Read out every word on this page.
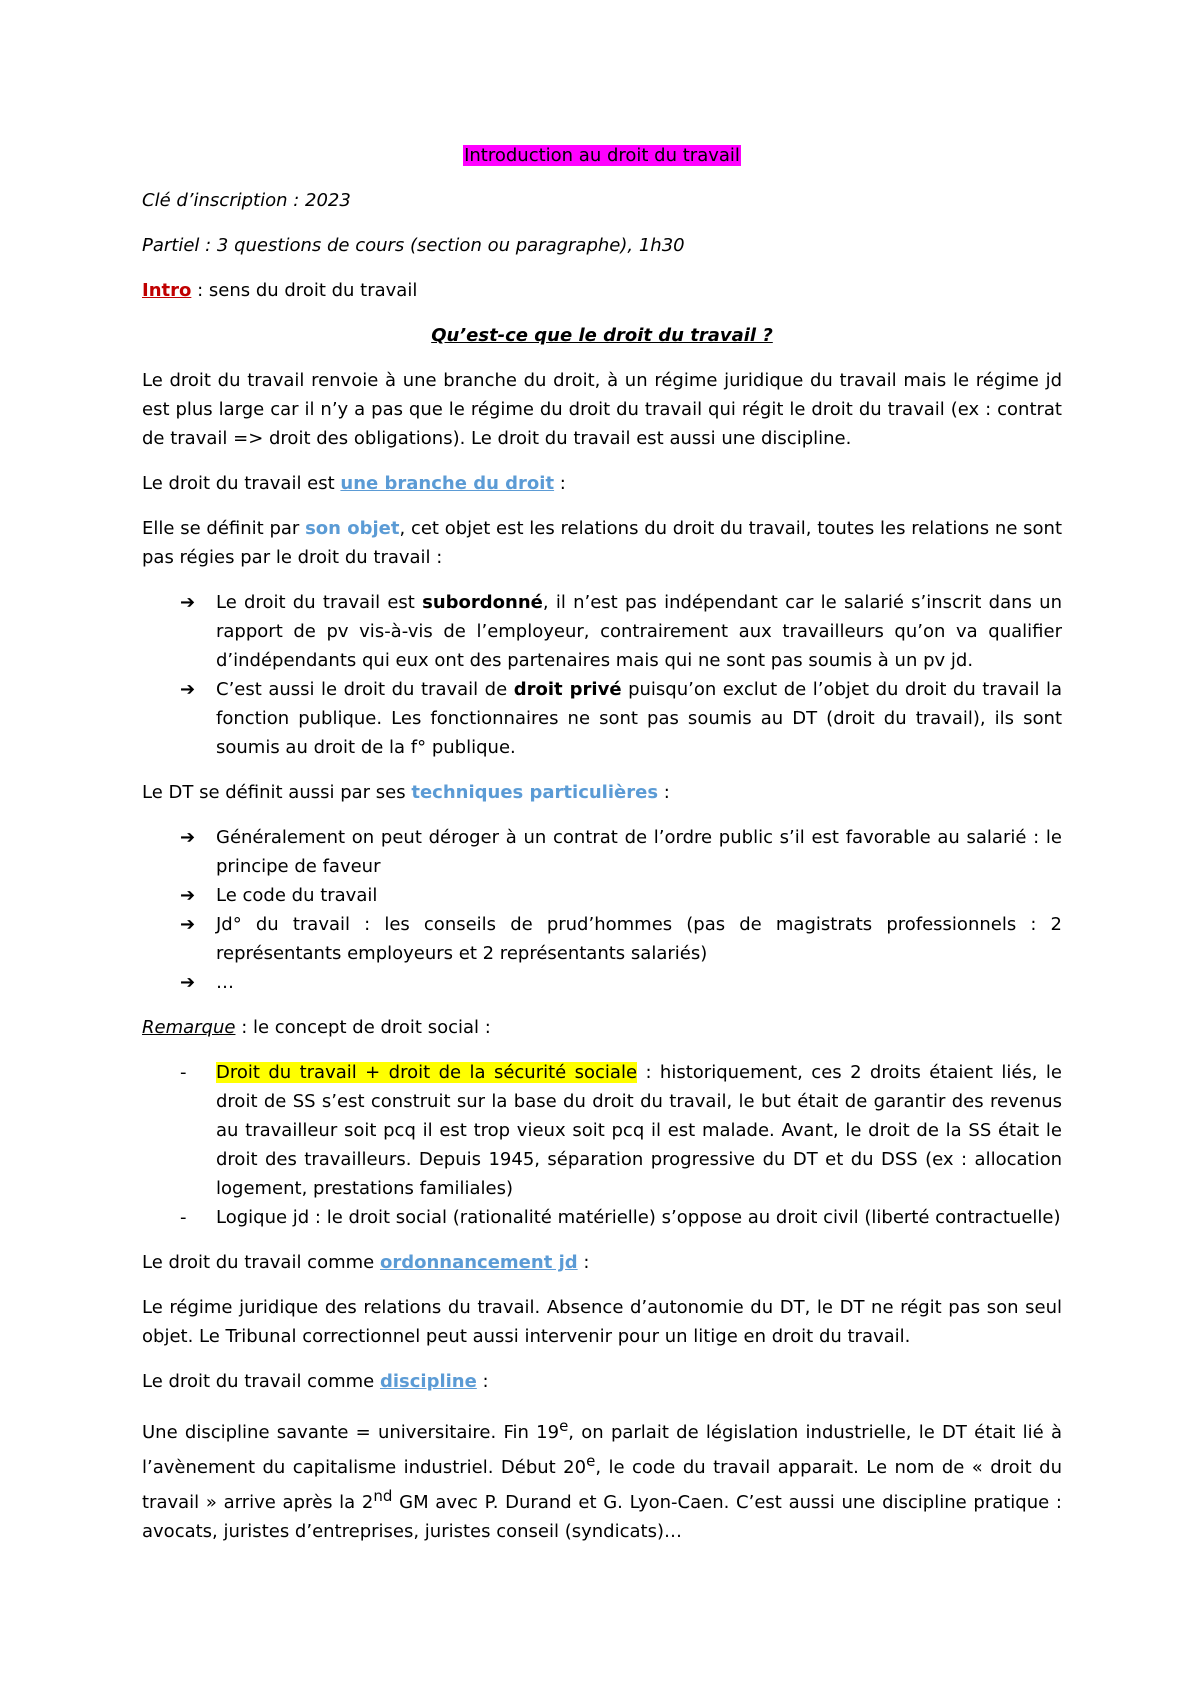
Introduction au droit du travail

Clé d’inscription : 2023

Partiel : 3 questions de cours (section ou paragraphe), 1h30

Intro : sens du droit du travail

Qu’est-ce que le droit du travail ?

Le droit du travail renvoie à une branche du droit, à un régime juridique du travail mais le régime jd est plus large car il n’y a pas que le régime du droit du travail qui régit le droit du travail (ex : contrat de travail => droit des obligations). Le droit du travail est aussi une discipline.

Le droit du travail est une branche du droit :

Elle se définit par son objet, cet objet est les relations du droit du travail, toutes les relations ne sont pas régies par le droit du travail :

➔ Le droit du travail est subordonné, il n’est pas indépendant car le salarié s’inscrit dans un rapport de pv vis-à-vis de l’employeur, contrairement aux travailleurs qu’on va qualifier d’indépendants qui eux ont des partenaires mais qui ne sont pas soumis à un pv jd.
➔ C’est aussi le droit du travail de droit privé puisqu’on exclut de l’objet du droit du travail la fonction publique. Les fonctionnaires ne sont pas soumis au DT (droit du travail), ils sont soumis au droit de la f° publique.

Le DT se définit aussi par ses techniques particulières :

➔ Généralement on peut déroger à un contrat de l’ordre public s’il est favorable au salarié : le principe de faveur
➔ Le code du travail
➔ Jd° du travail : les conseils de prud’hommes (pas de magistrats professionnels : 2 représentants employeurs et 2 représentants salariés)
➔ …

Remarque : le concept de droit social :

- Droit du travail + droit de la sécurité sociale : historiquement, ces 2 droits étaient liés, le droit de SS s’est construit sur la base du droit du travail, le but était de garantir des revenus au travailleur soit pcq il est trop vieux soit pcq il est malade. Avant, le droit de la SS était le droit des travailleurs. Depuis 1945, séparation progressive du DT et du DSS (ex : allocation logement, prestations familiales)
- Logique jd : le droit social (rationalité matérielle) s’oppose au droit civil (liberté contractuelle)

Le droit du travail comme ordonnancement jd :

Le régime juridique des relations du travail. Absence d’autonomie du DT, le DT ne régit pas son seul objet. Le Tribunal correctionnel peut aussi intervenir pour un litige en droit du travail.

Le droit du travail comme discipline :

Une discipline savante = universitaire. Fin 19e, on parlait de législation industrielle, le DT était lié à l’avènement du capitalisme industriel. Début 20e, le code du travail apparait. Le nom de « droit du travail » arrive après la 2nd GM avec P. Durand et G. Lyon-Caen. C’est aussi une discipline pratique : avocats, juristes d’entreprises, juristes conseil (syndicats)…
